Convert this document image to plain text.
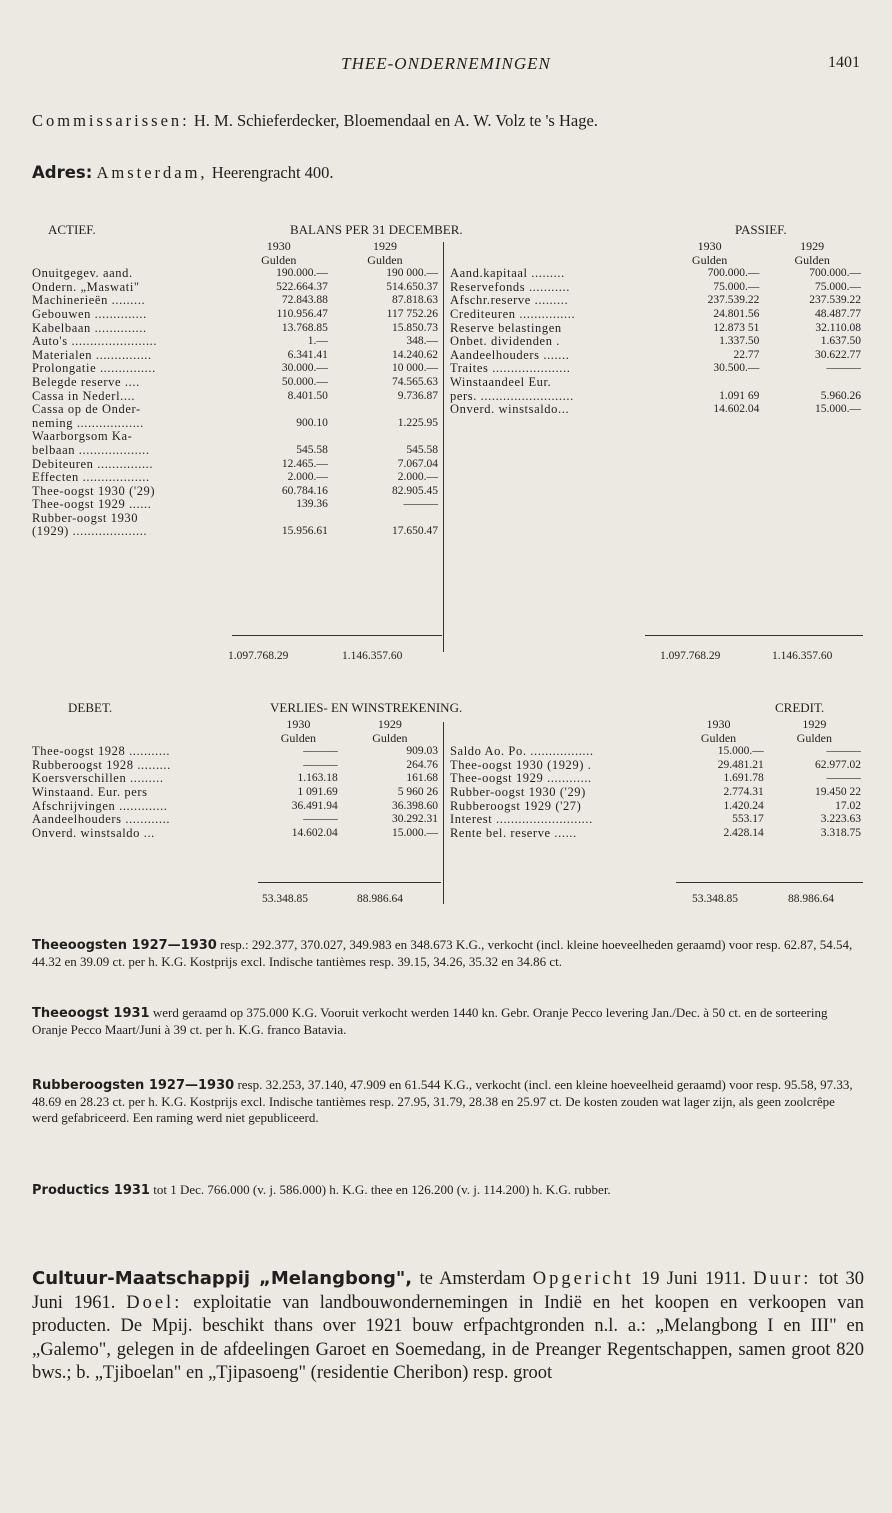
THEE-ONDERNEMINGEN	1401
Commissarissen: H. M. Schieferdecker, Bloemendaal en A. W. Volz te 's Hage.
Adres: Amsterdam, Heerengracht 400.
ACTIEF.	BALANS PER 31 DECEMBER.	PASSIEF.
	1930	1929
	Gulden	Gulden
Onuitgegev. aand.	190.000.—	190 000.—
Ondern. „Maswati"	522.664.37	514.650.37
Machinerieën .........	72.843.88	87.818.63
Gebouwen ..............	110.956.47	117 752.26
Kabelbaan ..............	13.768.85	15.850.73
Auto's .......................	1.—	348.—
Materialen ...............	6.341.41	14.240.62
Prolongatie ...............	30.000.—	10 000.—
Belegde reserve ....	50.000.—	74.565.63
Cassa in Nederl....	8.401.50	9.736.87
Cassa op de Onder-		
neming ..................	900.10	1.225.95
Waarborgsom Ka-		
belbaan ...................	545.58	545.58
Debiteuren ...............	12.465.—	7.067.04
Effecten ..................	2.000.—	2.000.—
Thee-oogst 1930 ('29)	60.784.16	82.905.45
Thee-oogst 1929 ......	139.36	———
Rubber-oogst 1930		
(1929) ....................	15.956.61	17.650.47
	1930	1929
	Gulden	Gulden
Aand.kapitaal .........	700.000.—	700.000.—
Reservefonds ...........	75.000.—	75.000.—
Afschr.reserve .........	237.539.22	237.539.22
Crediteuren ...............	24.801.56	48.487.77
Reserve belastingen	12.873 51	32.110.08
Onbet. dividenden .	1.337.50	1.637.50
Aandeelhouders .......	22.77	30.622.77
Traites .....................	30.500.—	———
Winstaandeel Eur.		
pers. .........................	1.091 69	5.960.26
Onverd. winstsaldo...	14.602.04	15.000.—
1.097.768.29	1.146.357.60	1.097.768.29	1.146.357.60
DEBET.	VERLIES- EN WINSTREKENING.	CREDIT.
	1930	1929
	Gulden	Gulden
Thee-oogst 1928 ...........	———	909.03
Rubberoogst 1928 .........	———	264.76
Koersverschillen .........	1.163.18	161.68
Winstaand. Eur. pers	1 091.69	5 960 26
Afschrijvingen .............	36.491.94	36.398.60
Aandeelhouders ............	———	30.292.31
Onverd. winstsaldo ...	14.602.04	15.000.—
	1930	1929
	Gulden	Gulden
Saldo Ao. Po. .................	15.000.—	———
Thee-oogst 1930 (1929) .	29.481.21	62.977.02
Thee-oogst 1929 ............	1.691.78	———
Rubber-oogst 1930 ('29)	2.774.31	19.450 22
Rubberoogst 1929 ('27)	1.420.24	17.02
Interest ..........................	553.17	3.223.63
Rente bel. reserve ......	2.428.14	3.318.75
53.348.85	88.986.64	53.348.85	88.986.64
Theeoogsten 1927—1930 resp.: 292.377, 370.027, 349.983 en 348.673 K.G., verkocht (incl. kleine hoeveelheden geraamd) voor resp. 62.87, 54.54, 44.32 en 39.09 ct. per h. K.G. Kostprijs excl. Indische tantièmes resp. 39.15, 34.26, 35.32 en 34.86 ct.
Theeoogst 1931 werd geraamd op 375.000 K.G. Vooruit verkocht werden 1440 kn. Gebr. Oranje Pecco levering Jan./Dec. à 50 ct. en de sorteering Oranje Pecco Maart/Juni à 39 ct. per h. K.G. franco Batavia.
Rubberoogsten 1927—1930 resp. 32.253, 37.140, 47.909 en 61.544 K.G., verkocht (incl. een kleine hoeveelheid geraamd) voor resp. 95.58, 97.33, 48.69 en 28.23 ct. per h. K.G. Kostprijs excl. Indische tantièmes resp. 27.95, 31.79, 28.38 en 25.97 ct. De kosten zouden wat lager zijn, als geen zoolcrêpe werd gefabriceerd. Een raming werd niet gepubliceerd.
Productics 1931 tot 1 Dec. 766.000 (v. j. 586.000) h. K.G. thee en 126.200 (v. j. 114.200) h. K.G. rubber.
Cultuur-Maatschappij „Melangbong", te Amsterdam Opgericht 19 Juni 1911. Duur: tot 30 Juni 1961. Doel: exploitatie van landbouwondernemingen in Indië en het koopen en verkoopen van producten. De Mpij. beschikt thans over 1921 bouw erfpachtgronden n.l. a.: „Melangbong I en III" en „Galemo", gelegen in de afdeelingen Garoet en Soemedang, in de Preanger Regentschappen, samen groot 820 bws.; b. „Tjiboelan" en „Tjipasoeng" (residentie Cheribon) resp. groot
